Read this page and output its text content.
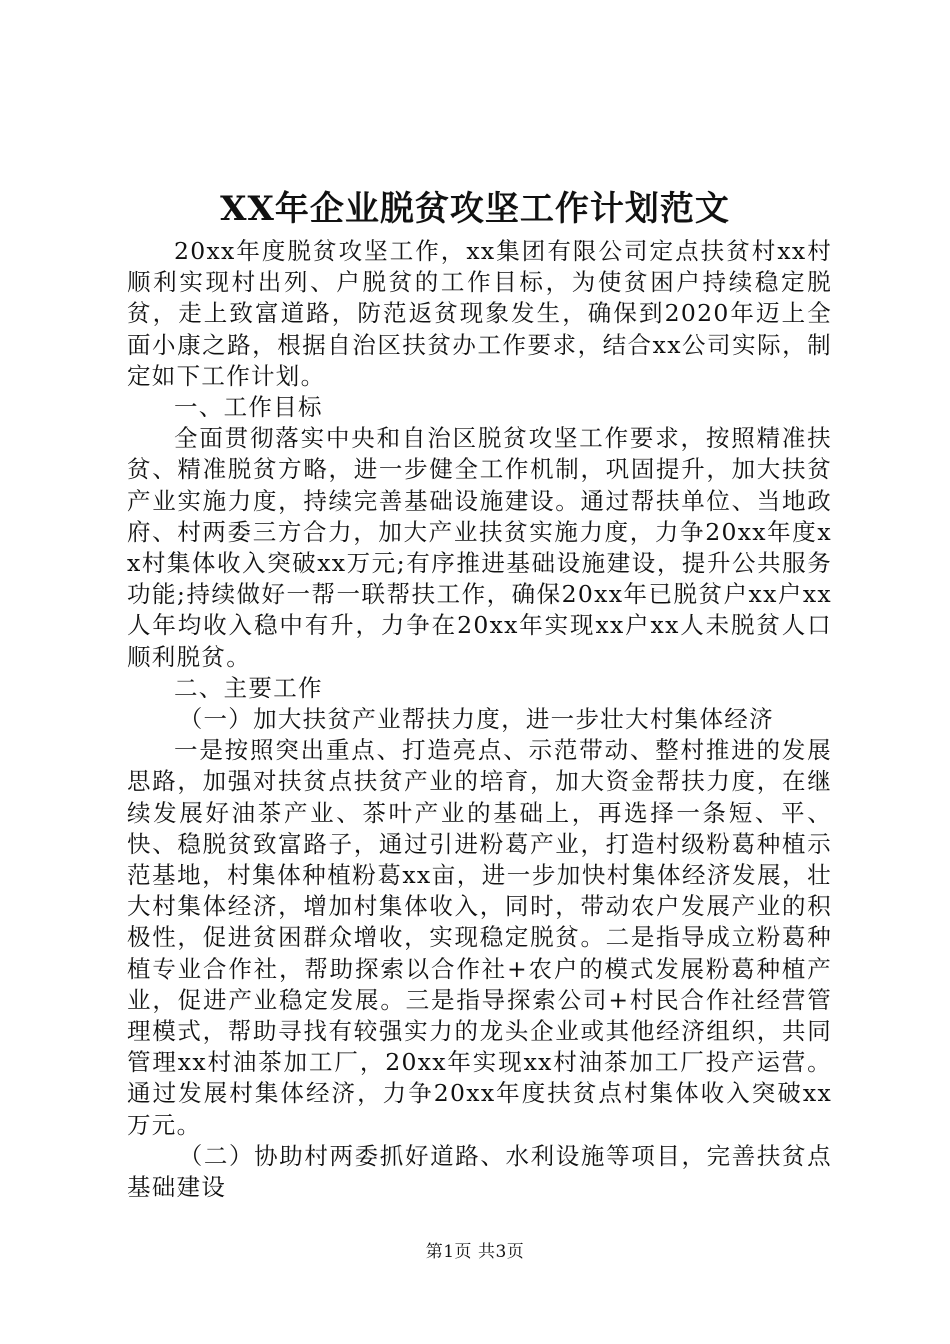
XX年企业脱贫攻坚工作计划范文

20xx年度脱贫攻坚工作，xx集团有限公司定点扶贫村xx村顺利实现村出列、户脱贫的工作目标，为使贫困户持续稳定脱贫，走上致富道路，防范返贫现象发生，确保到2020年迈上全面小康之路，根据自治区扶贫办工作要求，结合xx公司实际，制定如下工作计划。

一、工作目标

全面贯彻落实中央和自治区脱贫攻坚工作要求，按照精准扶贫、精准脱贫方略，进一步健全工作机制，巩固提升，加大扶贫产业实施力度，持续完善基础设施建设。通过帮扶单位、当地政府、村两委三方合力，加大产业扶贫实施力度，力争20xx年度xx村集体收入突破xx万元;有序推进基础设施建设，提升公共服务功能;持续做好一帮一联帮扶工作，确保20xx年已脱贫户xx户xx人年均收入稳中有升，力争在20xx年实现xx户xx人未脱贫人口顺利脱贫。

二、主要工作

（一）加大扶贫产业帮扶力度，进一步壮大村集体经济

一是按照突出重点、打造亮点、示范带动、整村推进的发展思路，加强对扶贫点扶贫产业的培育，加大资金帮扶力度，在继续发展好油茶产业、茶叶产业的基础上，再选择一条短、平、快、稳脱贫致富路子，通过引进粉葛产业，打造村级粉葛种植示范基地，村集体种植粉葛xx亩，进一步加快村集体经济发展，壮大村集体经济，增加村集体收入，同时，带动农户发展产业的积极性，促进贫困群众增收，实现稳定脱贫。二是指导成立粉葛种植专业合作社，帮助探索以合作社+农户的模式发展粉葛种植产业，促进产业稳定发展。三是指导探索公司+村民合作社经营管理模式，帮助寻找有较强实力的龙头企业或其他经济组织，共同管理xx村油茶加工厂，20xx年实现xx村油茶加工厂投产运营。通过发展村集体经济，力争20xx年度扶贫点村集体收入突破xx万元。

（二）协助村两委抓好道路、水利设施等项目，完善扶贫点基础建设

第1页 共3页
